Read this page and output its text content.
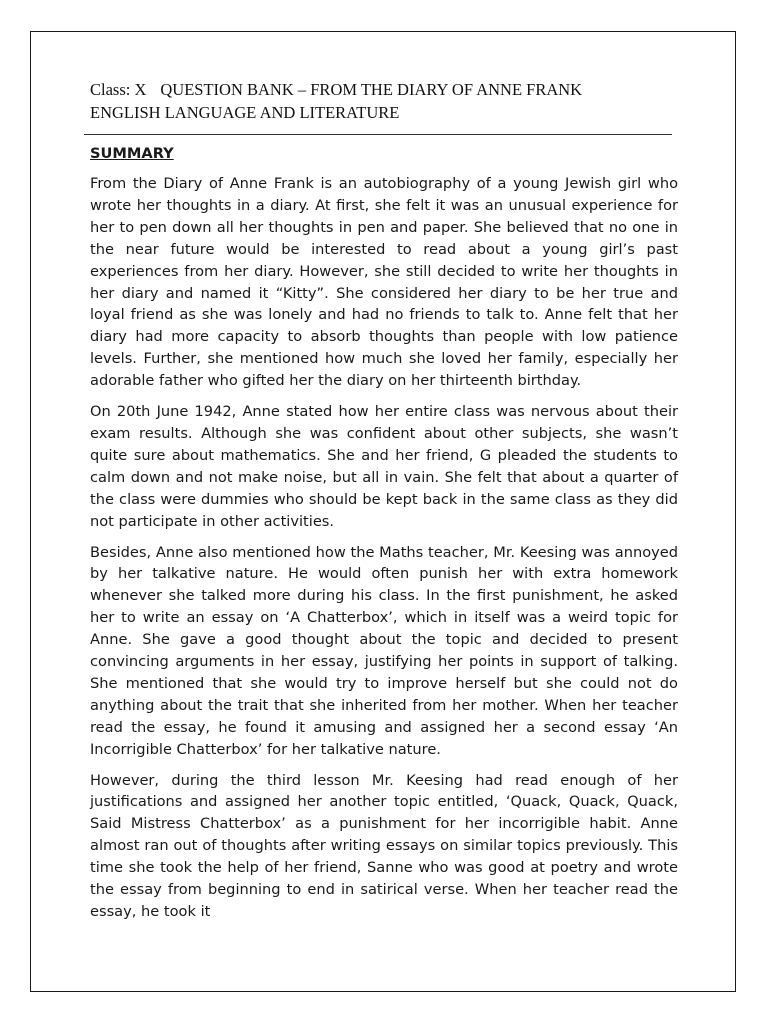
Class: X QUESTION BANK – FROM THE DIARY OF ANNE FRANK
ENGLISH LANGUAGE AND LITERATURE
SUMMARY

From the Diary of Anne Frank is an autobiography of a young Jewish girl who wrote her thoughts in a diary. At first, she felt it was an unusual experience for her to pen down all her thoughts in pen and paper. She believed that no one in the near future would be interested to read about a young girl’s past experiences from her diary. However, she still decided to write her thoughts in her diary and named it “Kitty”. She considered her diary to be her true and loyal friend as she was lonely and had no friends to talk to. Anne felt that her diary had more capacity to absorb thoughts than people with low patience levels. Further, she mentioned how much she loved her family, especially her adorable father who gifted her the diary on her thirteenth birthday.

On 20th June 1942, Anne stated how her entire class was nervous about their exam results. Although she was confident about other subjects, she wasn’t quite sure about mathematics. She and her friend, G pleaded the students to calm down and not make noise, but all in vain. She felt that about a quarter of the class were dummies who should be kept back in the same class as they did not participate in other activities.

Besides, Anne also mentioned how the Maths teacher, Mr. Keesing was annoyed by her talkative nature. He would often punish her with extra homework whenever she talked more during his class. In the first punishment, he asked her to write an essay on ‘A Chatterbox’, which in itself was a weird topic for Anne. She gave a good thought about the topic and decided to present convincing arguments in her essay, justifying her points in support of talking. She mentioned that she would try to improve herself but she could not do anything about the trait that she inherited from her mother. When her teacher read the essay, he found it amusing and assigned her a second essay ‘An Incorrigible Chatterbox’ for her talkative nature.

However, during the third lesson Mr. Keesing had read enough of her justifications and assigned her another topic entitled, ‘Quack, Quack, Quack, Said Mistress Chatterbox’ as a punishment for her incorrigible habit. Anne almost ran out of thoughts after writing essays on similar topics previously. This time she took the help of her friend, Sanne who was good at poetry and wrote the essay from beginning to end in satirical verse. When her teacher read the essay, he took it
